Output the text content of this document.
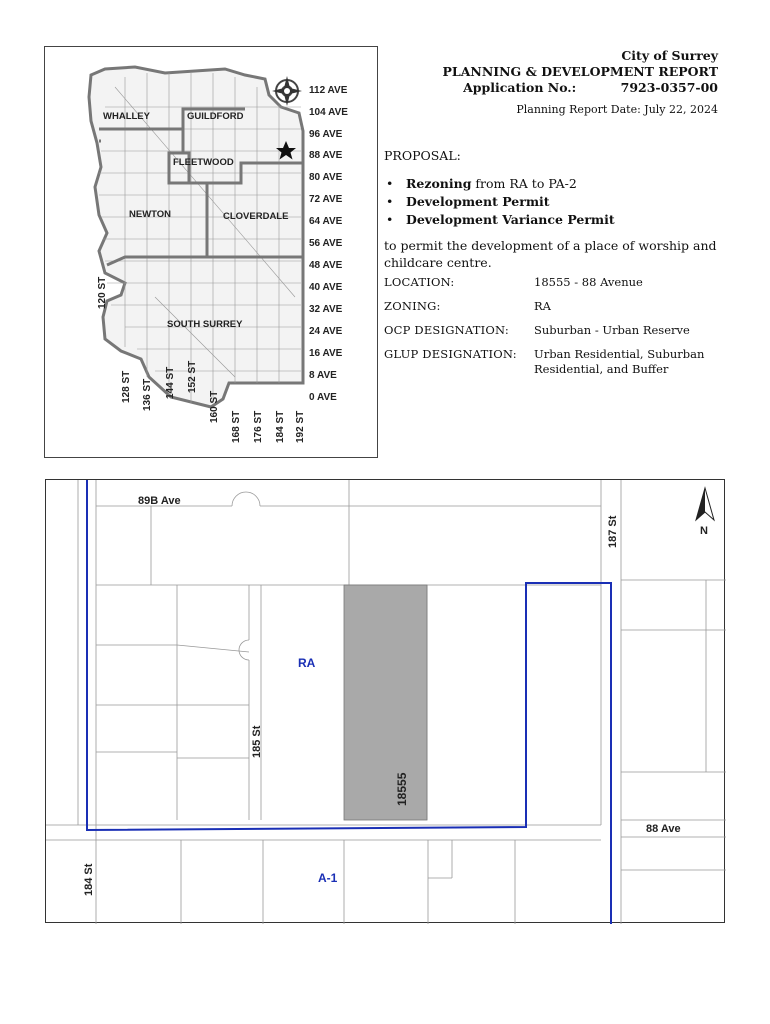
WHALLEY	GUILDFORD
FLEETWOOD
NEWTON	CLOVERDALE
SOUTH SURREY
112 AVE
104 AVE
96 AVE
88 AVE
80 AVE
72 AVE
64 AVE
56 AVE
48 AVE
40 AVE
32 AVE
24 AVE
16 AVE
8 AVE
0 AVE
120 ST
128 ST 136 ST 144 ST 152 ST
160 ST
168 ST 176 ST 184 ST 192 ST
City of Surrey
PLANNING & DEVELOPMENT REPORT
Application No.:	7923-0357-00
Planning Report Date: July 22, 2024
PROPOSAL:
• Rezoning from RA to PA-2
• Development Permit
• Development Variance Permit
to permit the development of a place of worship and childcare centre.
LOCATION:	18555 - 88 Avenue
ZONING:	RA
OCP DESIGNATION:	Suburban - Urban Reserve
GLUP DESIGNATION:	Urban Residential, Suburban Residential, and Buffer
89B Ave
187 St
185 St
88 Ave
184 St
18555
RA
A-1
N
